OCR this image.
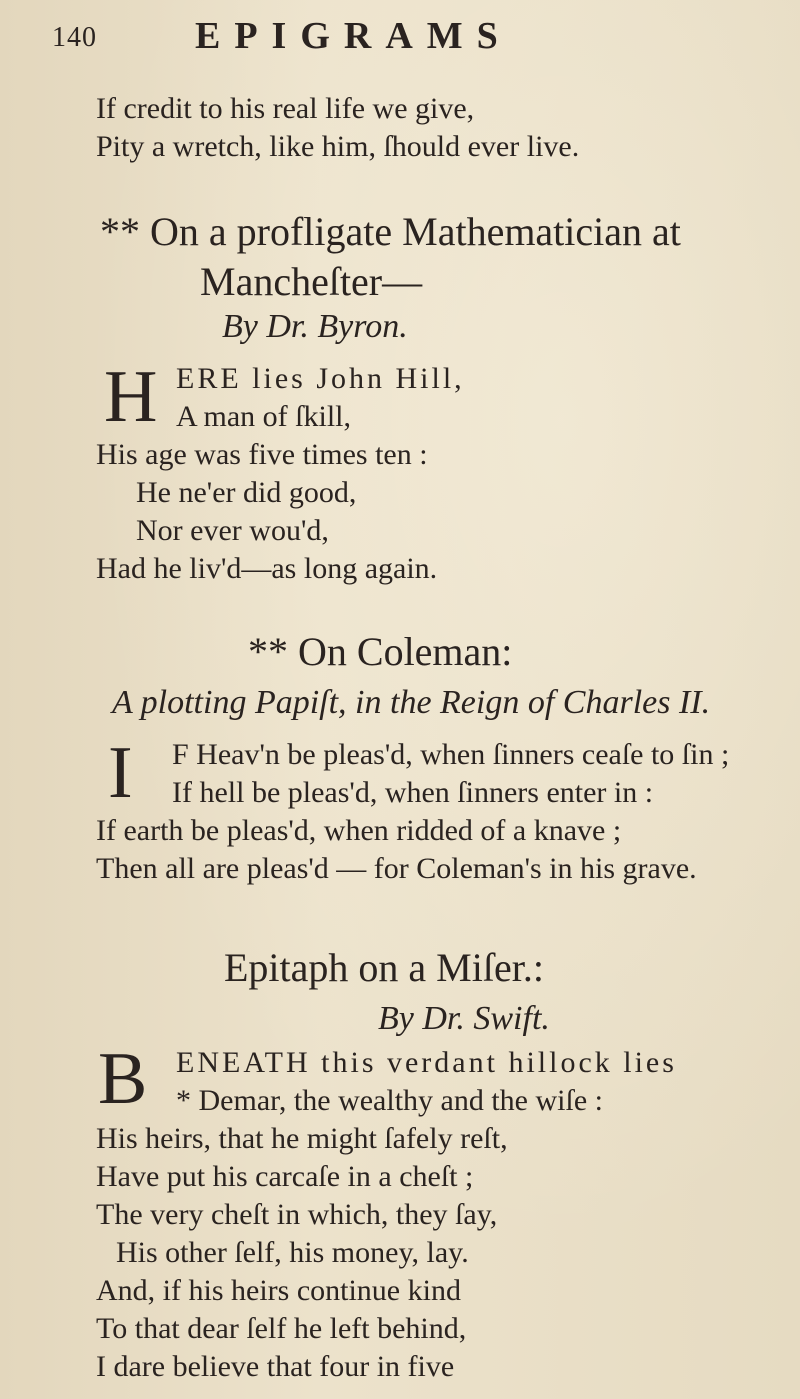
140	EPIGRAMS
If credit to his real life we give,
Pity a wretch, like him, ſhould ever live.
** On a profligate Mathematician at
Mancheſter—
By Dr. Byron.
H ERE lies John Hill,
A man of ſkill,
His age was five times ten :
He ne'er did good,
Nor ever wou'd,
Had he liv'd—as long again.
** On Coleman:
A plotting Papiſt, in the Reign of Charles II.
I F Heav'n be pleas'd, when ſinners ceaſe to ſin ;
If hell be pleas'd, when ſinners enter in :
If earth be pleas'd, when ridded of a knave ;
Then all are pleas'd — for Coleman's in his grave.
Epitaph on a Miſer.:
By Dr. Swift.
B ENEATH this verdant hillock lies
* Demar, the wealthy and the wiſe :
His heirs, that he might ſafely reſt,
Have put his carcaſe in a cheſt ;
The very cheſt in which, they ſay,
His other ſelf, his money, lay.
And, if his heirs continue kind
To that dear ſelf he left behind,
I dare believe that four in five
